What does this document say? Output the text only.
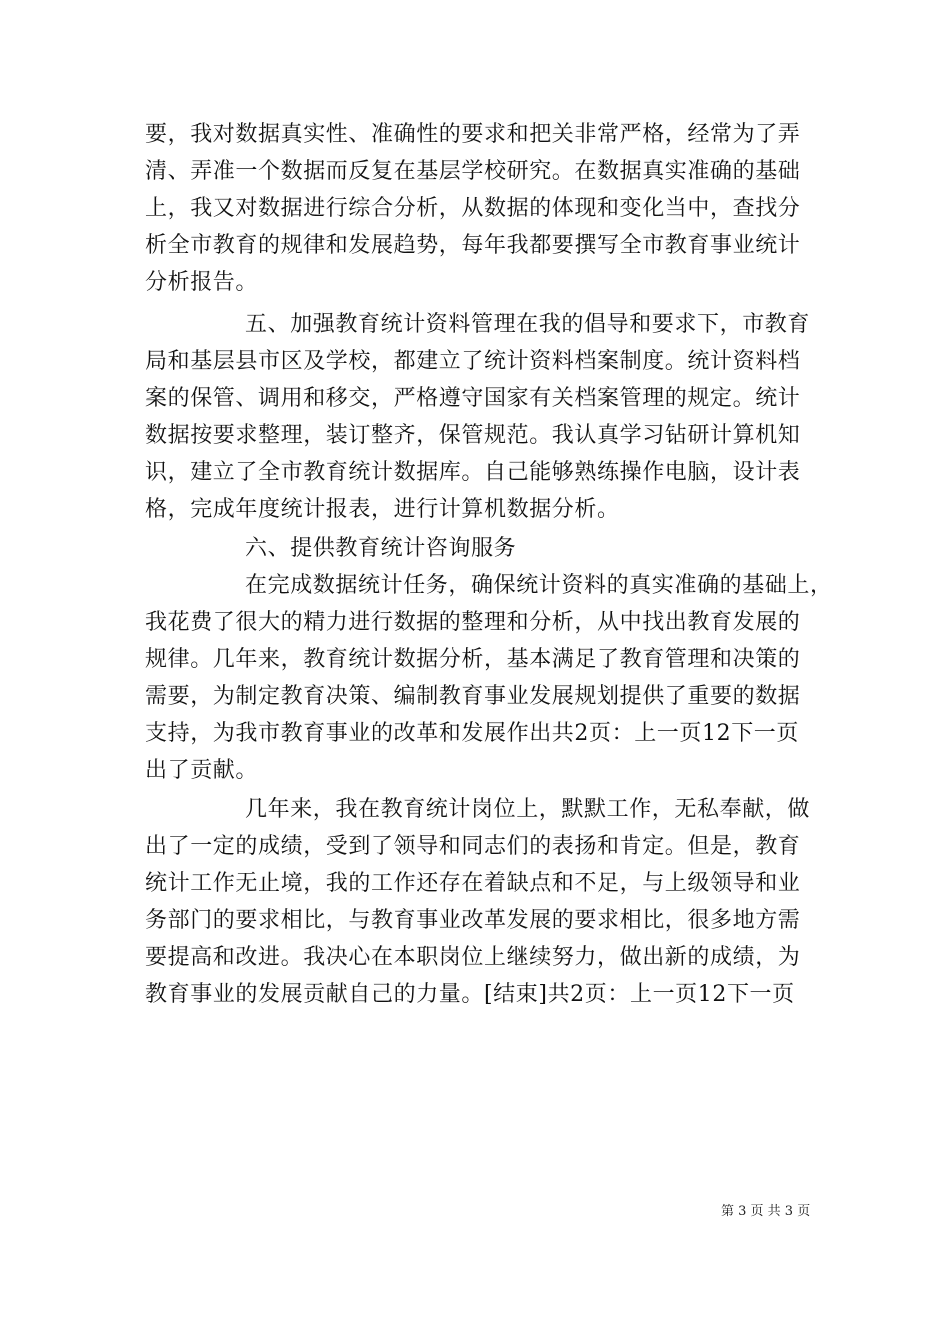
要，我对数据真实性、准确性的要求和把关非常严格，经常为了弄
清、弄准一个数据而反复在基层学校研究。在数据真实准确的基础
上，我又对数据进行综合分析，从数据的体现和变化当中，查找分
析全市教育的规律和发展趋势，每年我都要撰写全市教育事业统计
分析报告。
五、加强教育统计资料管理在我的倡导和要求下，市教育
局和基层县市区及学校，都建立了统计资料档案制度。统计资料档
案的保管、调用和移交，严格遵守国家有关档案管理的规定。统计
数据按要求整理，装订整齐，保管规范。我认真学习钻研计算机知
识，建立了全市教育统计数据库。自己能够熟练操作电脑，设计表
格，完成年度统计报表，进行计算机数据分析。
六、提供教育统计咨询服务
在完成数据统计任务，确保统计资料的真实准确的基础上，
我花费了很大的精力进行数据的整理和分析，从中找出教育发展的
规律。几年来，教育统计数据分析，基本满足了教育管理和决策的
需要，为制定教育决策、编制教育事业发展规划提供了重要的数据
支持，为我市教育事业的改革和发展作出共2页：上一页12下一页
出了贡献。
几年来，我在教育统计岗位上，默默工作，无私奉献，做
出了一定的成绩，受到了领导和同志们的表扬和肯定。但是，教育
统计工作无止境，我的工作还存在着缺点和不足，与上级领导和业
务部门的要求相比，与教育事业改革发展的要求相比，很多地方需
要提高和改进。我决心在本职岗位上继续努力，做出新的成绩，为
教育事业的发展贡献自己的力量。[结束]共2页：上一页12下一页
第 3 页 共 3 页
